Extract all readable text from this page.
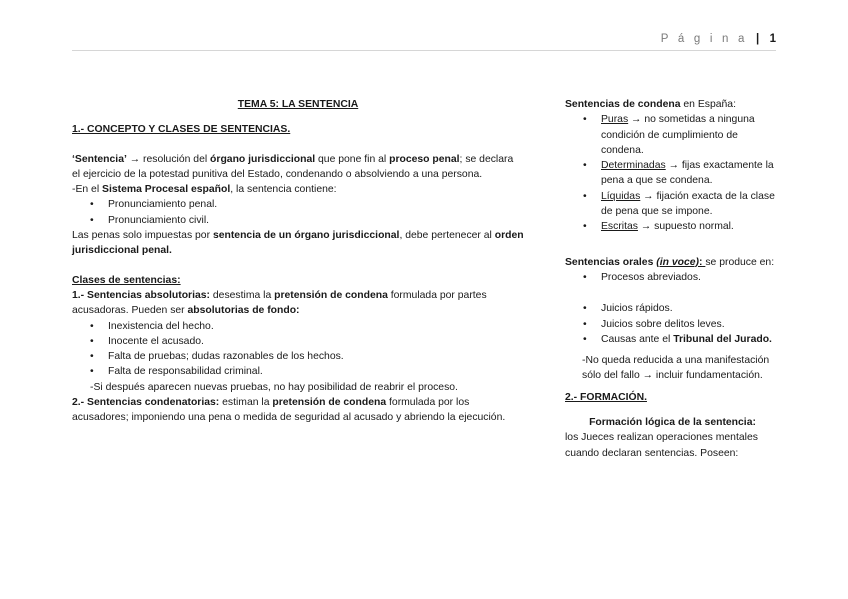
P á g i n a | 1

TEMA 5: LA SENTENCIA

1.- CONCEPTO Y CLASES DE SENTENCIAS.

‘Sentencia’ → resolución del órgano jurisdiccional que pone fin al proceso penal; se declara el ejercicio de la potestad punitiva del Estado, condenando o absolviendo a una persona.

-En el Sistema Procesal español, la sentencia contiene:

• Pronunciamiento penal.
• Pronunciamiento civil.

Las penas solo impuestas por sentencia de un órgano jurisdiccional, debe pertenecer al orden jurisdiccional penal.

Clases de sentencias:

1.- Sentencias absolutorias: desestima la pretensión de condena formulada por partes acusadoras. Pueden ser absolutorias de fondo:

• Inexistencia del hecho.
• Inocente el acusado.
• Falta de pruebas; dudas razonables de los hechos.
• Falta de responsabilidad criminal.

-Si después aparecen nuevas pruebas, no hay posibilidad de reabrir el proceso.

2.- Sentencias condenatorias: estiman la pretensión de condena formulada por los acusadores; imponiendo una pena o medida de seguridad al acusado y abriendo la ejecución.

Sentencias de condena en España:

• Puras → no sometidas a ninguna condición de cumplimiento de condena.
• Determinadas → fijas exactamente la pena a que se condena.
• Líquidas → fijación exacta de la clase de pena que se impone.
• Escritas → supuesto normal.

Sentencias orales (in voce): se produce en:

• Procesos abreviados.
• Juicios rápidos.
• Juicios sobre delitos leves.
• Causas ante el Tribunal del Jurado.

-No queda reducida a una manifestación sólo del fallo → incluir fundamentación.

2.- FORMACIÓN.

Formación lógica de la sentencia:

los Jueces realizan operaciones mentales cuando declaran sentencias. Poseen:
